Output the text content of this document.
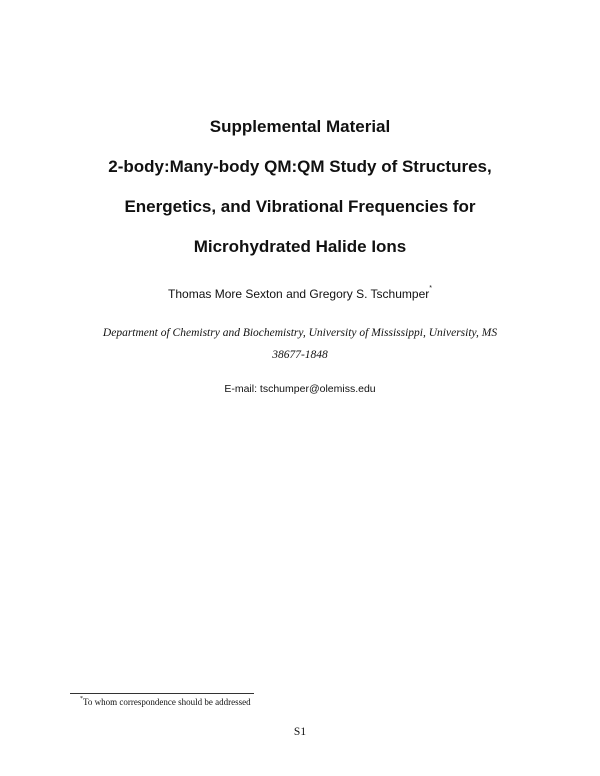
Supplemental Material
2-body:Many-body QM:QM Study of Structures,
Energetics, and Vibrational Frequencies for
Microhydrated Halide Ions
Thomas More Sexton and Gregory S. Tschumper*
Department of Chemistry and Biochemistry, University of Mississippi, University, MS
38677-1848
E-mail: tschumper@olemiss.edu
*To whom correspondence should be addressed
S1
